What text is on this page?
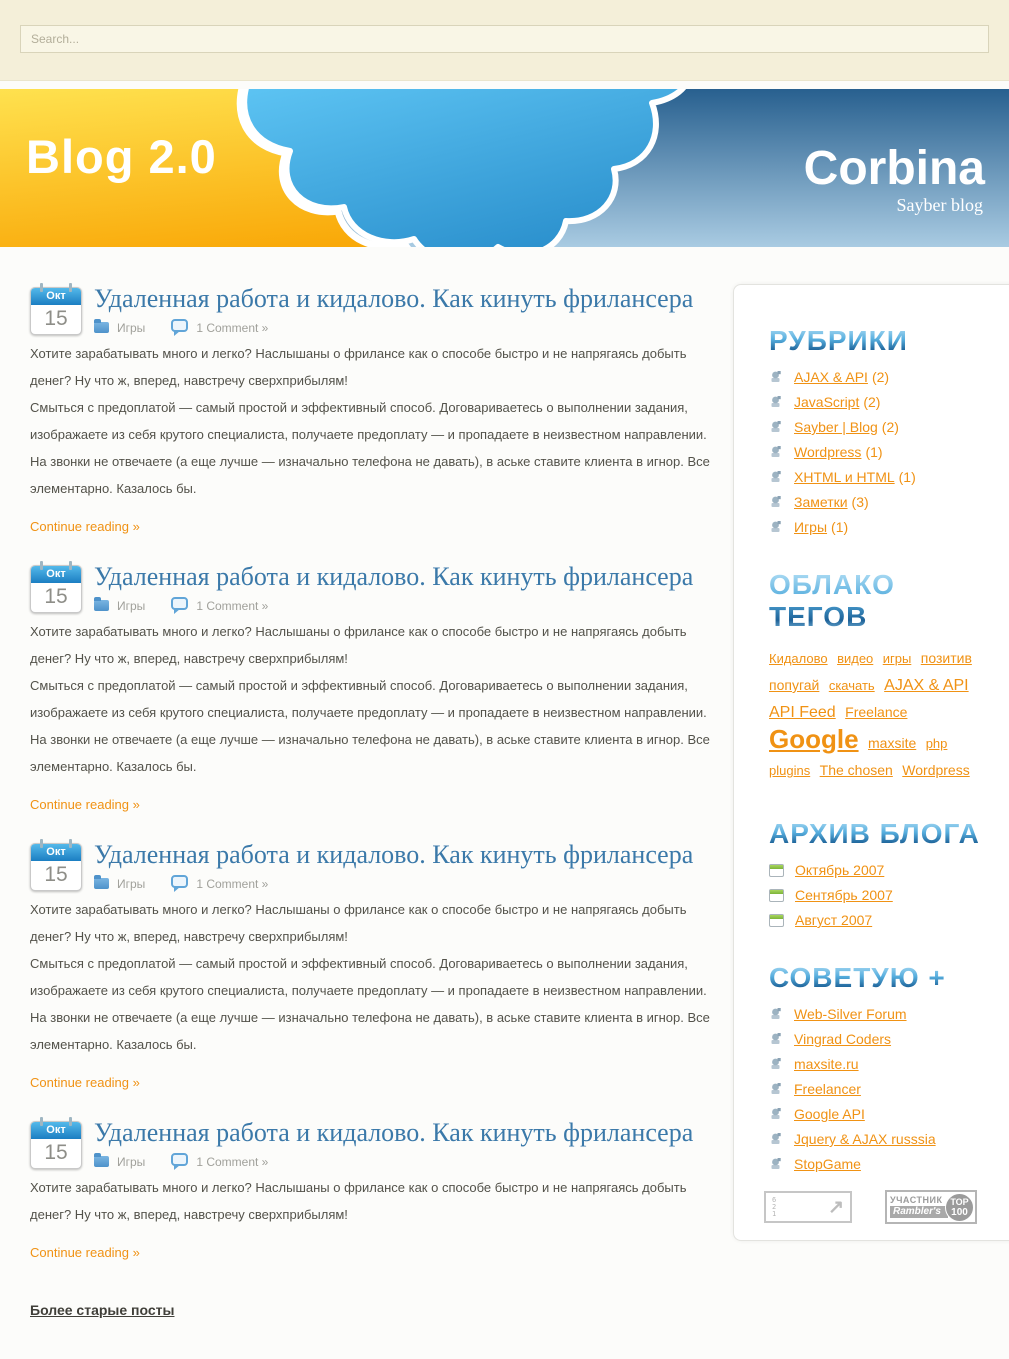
Search...
Blog 2.0	Corbina
Sayber blog
Окт
15
Удаленная работа и кидалово. Как кинуть фрилансера
Игры	1 Comment »

Хотите зарабатывать много и легко? Наслышаны о фрилансе как о способе быстро и не напрягаясь добыть денег? Ну что ж, вперед, навстречу сверхприбылям!

Смыться с предоплатой — самый простой и эффективный способ. Договариваетесь о выполнении задания, изображаете из себя крутого специалиста, получаете предоплату — и пропадаете в неизвестном направлении. На звонки не отвечаете (а еще лучше — изначально телефона не давать), в аське ставите клиента в игнор. Все элементарно. Казалось бы.

Continue reading »
Окт
15
Удаленная работа и кидалово. Как кинуть фрилансера
Игры	1 Comment »

Хотите зарабатывать много и легко? Наслышаны о фрилансе как о способе быстро и не напрягаясь добыть денег? Ну что ж, вперед, навстречу сверхприбылям!

Смыться с предоплатой — самый простой и эффективный способ. Договариваетесь о выполнении задания, изображаете из себя крутого специалиста, получаете предоплату — и пропадаете в неизвестном направлении. На звонки не отвечаете (а еще лучше — изначально телефона не давать), в аське ставите клиента в игнор. Все элементарно. Казалось бы.

Continue reading »
Окт
15
Удаленная работа и кидалово. Как кинуть фрилансера
Игры	1 Comment »

Хотите зарабатывать много и легко? Наслышаны о фрилансе как о способе быстро и не напрягаясь добыть денег? Ну что ж, вперед, навстречу сверхприбылям!

Смыться с предоплатой — самый простой и эффективный способ. Договариваетесь о выполнении задания, изображаете из себя крутого специалиста, получаете предоплату — и пропадаете в неизвестном направлении. На звонки не отвечаете (а еще лучше — изначально телефона не давать), в аське ставите клиента в игнор. Все элементарно. Казалось бы.

Continue reading »
Окт
15
Удаленная работа и кидалово. Как кинуть фрилансера
Игры	1 Comment »

Хотите зарабатывать много и легко? Наслышаны о фрилансе как о способе быстро и не напрягаясь добыть денег? Ну что ж, вперед, навстречу сверхприбылям!

Continue reading »
Более старые посты
РУБРИКИ
AJAX & API (2)
JavaScript (2)
Sayber | Blog (2)
Wordpress (1)
XHTML и HTML (1)
Заметки (3)
Игры (1)
ОБЛАКО ТЕГОВ
Кидалово видео игры позитив попугай скачать AJAX & API API Feed Freelance Google maxsite php plugins The chosen Wordpress
АРХИВ БЛОГА
Октябрь 2007
Сентябрь 2007
Август 2007
СОВЕТУЮ +
Web-Silver Forum
Vingrad Coders
maxsite.ru
Freelancer
Google API
Jquery & AJAX russsia
StopGame
621	↗	УЧАСТНИК
Rambler's
TOP
100
